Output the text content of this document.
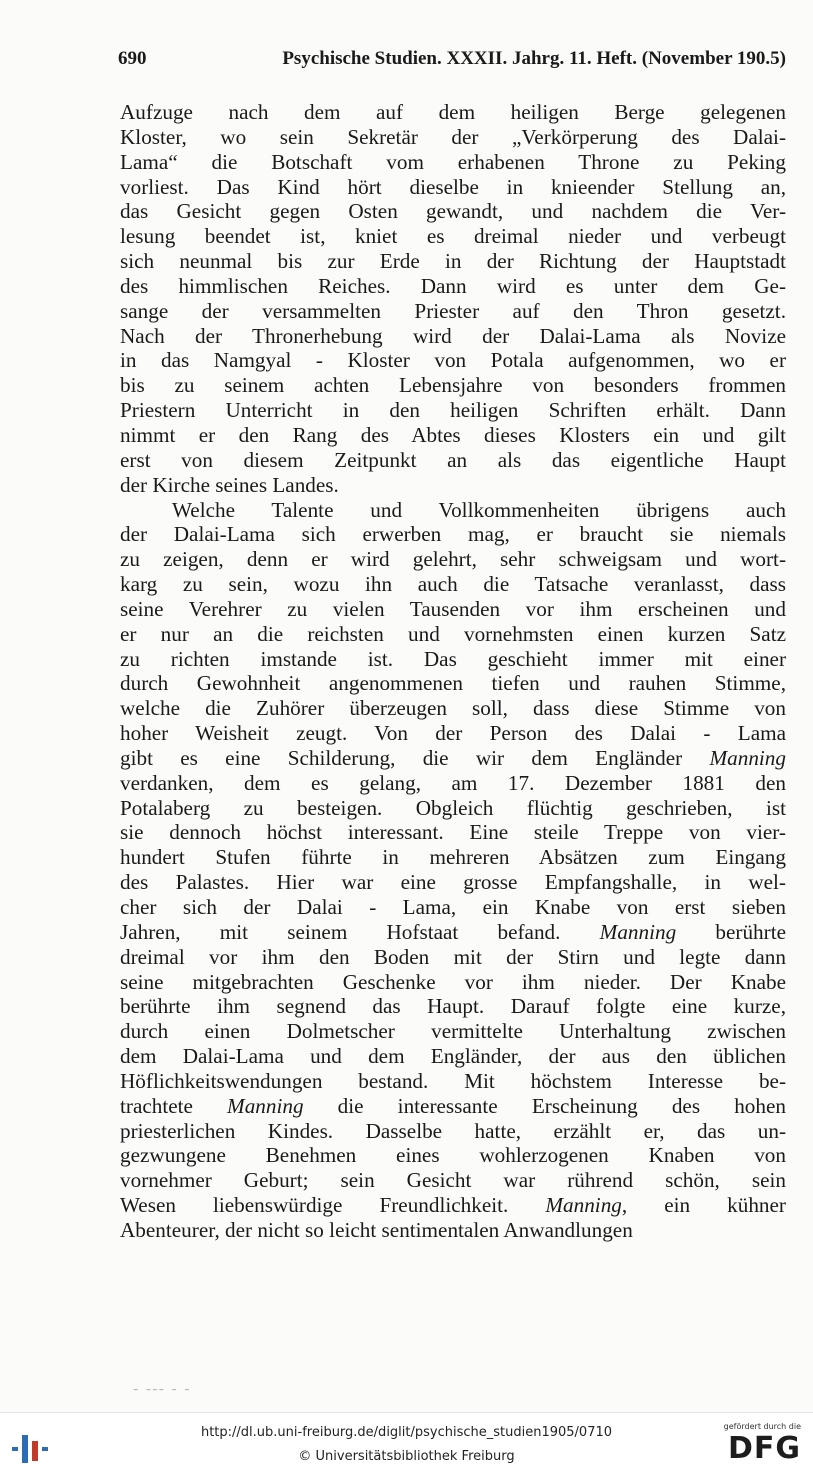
690	Psychische Studien. XXXII. Jahrg. 11. Heft. (November 190.5)
Aufzuge nach dem auf dem heiligen Berge gelegenen
Kloster, wo sein Sekretär der „Verkörperung des Dalai-
Lama“ die Botschaft vom erhabenen Throne zu Peking
vorliest. Das Kind hört dieselbe in knieender Stellung an,
das Gesicht gegen Osten gewandt, und nachdem die Ver-
lesung beendet ist, kniet es dreimal nieder und verbeugt
sich neunmal bis zur Erde in der Richtung der Hauptstadt
des himmlischen Reiches. Dann wird es unter dem Ge-
sange der versammelten Priester auf den Thron gesetzt.
Nach der Thronerhebung wird der Dalai-Lama als Novize
in das Namgyal - Kloster von Potala aufgenommen, wo er
bis zu seinem achten Lebensjahre von besonders frommen
Priestern Unterricht in den heiligen Schriften erhält. Dann
nimmt er den Rang des Abtes dieses Klosters ein und gilt
erst von diesem Zeitpunkt an als das eigentliche Haupt
der Kirche seines Landes.
Welche Talente und Vollkommenheiten übrigens auch
der Dalai-Lama sich erwerben mag, er braucht sie niemals
zu zeigen, denn er wird gelehrt, sehr schweigsam und wort-
karg zu sein, wozu ihn auch die Tatsache veranlasst, dass
seine Verehrer zu vielen Tausenden vor ihm erscheinen und
er nur an die reichsten und vornehmsten einen kurzen Satz
zu richten imstande ist. Das geschieht immer mit einer
durch Gewohnheit angenommenen tiefen und rauhen Stimme,
welche die Zuhörer überzeugen soll, dass diese Stimme von
hoher Weisheit zeugt. Von der Person des Dalai - Lama
gibt es eine Schilderung, die wir dem Engländer Manning
verdanken, dem es gelang, am 17. Dezember 1881 den
Potalaberg zu besteigen. Obgleich flüchtig geschrieben, ist
sie dennoch höchst interessant. Eine steile Treppe von vier-
hundert Stufen führte in mehreren Absätzen zum Eingang
des Palastes. Hier war eine grosse Empfangshalle, in wel-
cher sich der Dalai - Lama, ein Knabe von erst sieben
Jahren, mit seinem Hofstaat befand. Manning berührte
dreimal vor ihm den Boden mit der Stirn und legte dann
seine mitgebrachten Geschenke vor ihm nieder. Der Knabe
berührte ihm segnend das Haupt. Darauf folgte eine kurze,
durch einen Dolmetscher vermittelte Unterhaltung zwischen
dem Dalai-Lama und dem Engländer, der aus den üblichen
Höflichkeitswendungen bestand. Mit höchstem Interesse be-
trachtete Manning die interessante Erscheinung des hohen
priesterlichen Kindes. Dasselbe hatte, erzählt er, das un-
gezwungene Benehmen eines wohlerzogenen Knaben von
vornehmer Geburt; sein Gesicht war rührend schön, sein
Wesen liebenswürdige Freundlichkeit. Manning, ein kühner
Abenteurer, der nicht so leicht sentimentalen Anwandlungen
– ––– – –
http://dl.ub.uni-freiburg.de/diglit/psychische_studien1905/0710
© Universitätsbibliothek Freiburg
gefördert durch die
DFG
